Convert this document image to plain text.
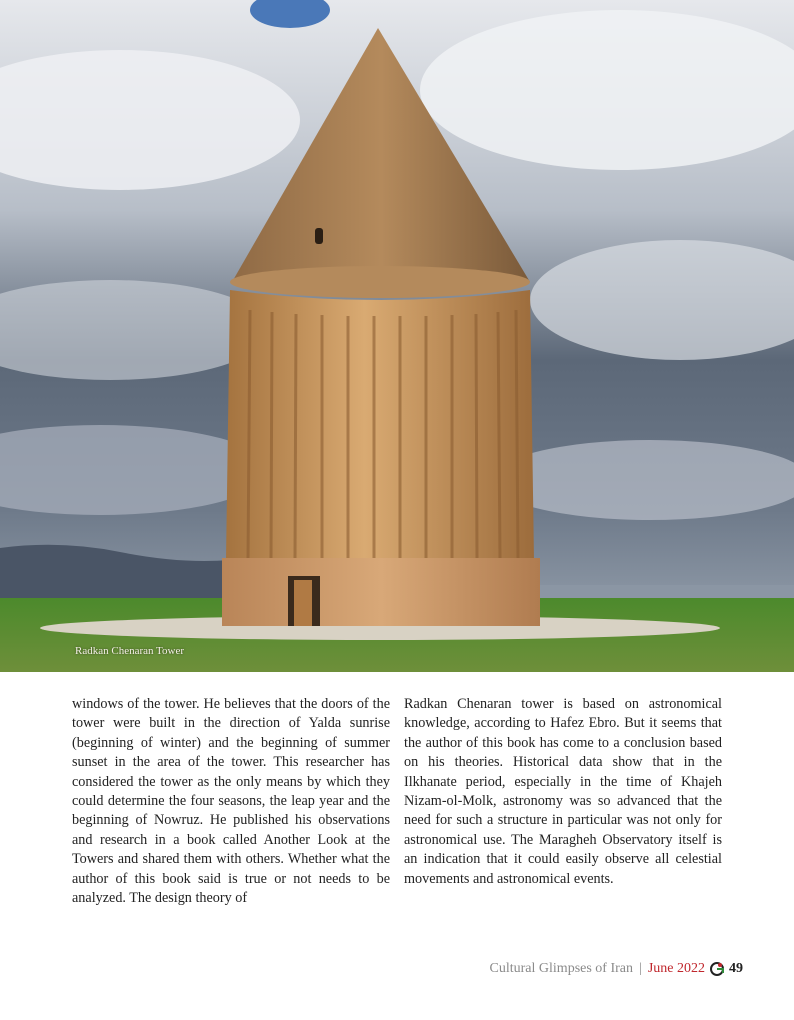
Radkan Chenaran Tower
windows of the tower. He believes that the doors of the tower were built in the direction of Yalda sunrise (beginning of winter) and the beginning of summer sunset in the area of the tower. This researcher has considered the tower as the only means by which they could determine the four seasons, the leap year and the beginning of Nowruz. He published his observations and research in a book called Another Look at the Towers and shared them with others. Whether what the author of this book said is true or not needs to be analyzed. The design theory of
Radkan Chenaran tower is based on astronomical knowledge, according to Hafez Ebro. But it seems that the author of this book has come to a conclusion based on his theories. Historical data show that in the Ilkhanate period, especially in the time of Khajeh Nizam-ol-Molk, astronomy was so advanced that the need for such a structure in particular was not only for astronomical use. The Maragheh Observatory itself is an indication that it could easily observe all celestial movements and astronomical events.
Cultural Glimpses of Iran | June 2022 49
